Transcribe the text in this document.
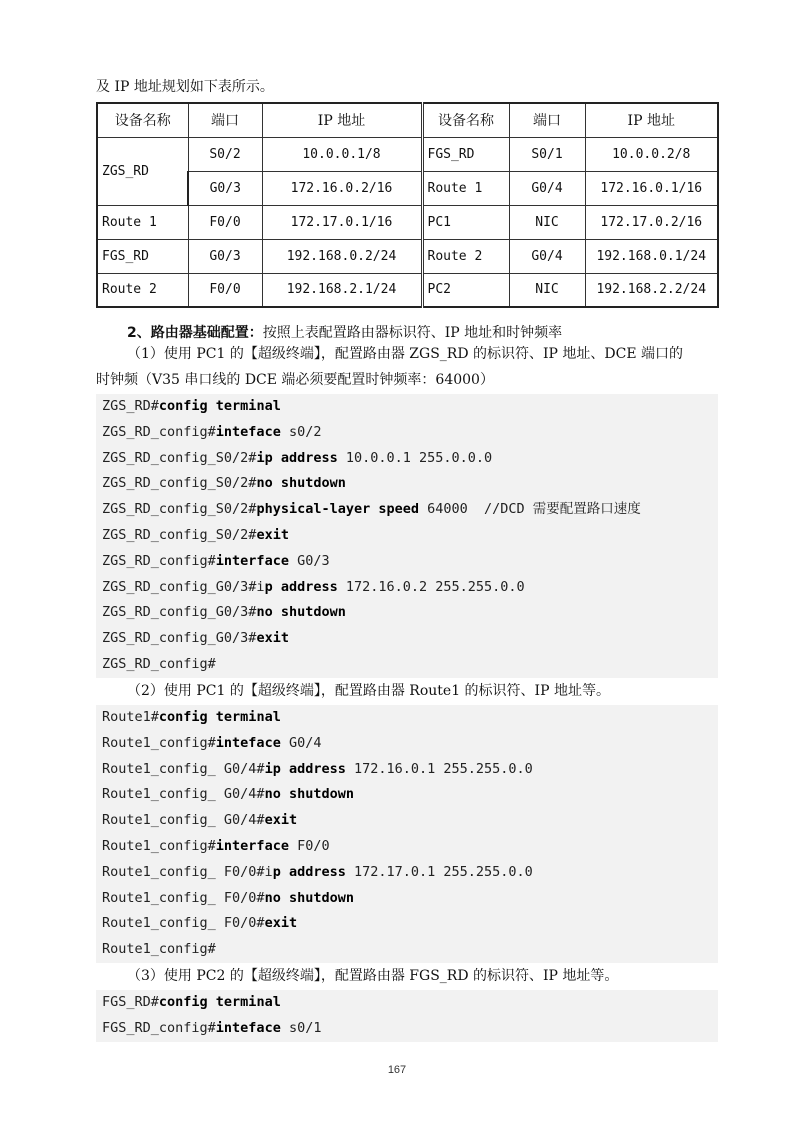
及 IP 地址规划如下表所示。
设备名称	端口	IP 地址	设备名称	端口	IP 地址
ZGS_RD	S0/2	10.0.0.1/8	FGS_RD	S0/1	10.0.0.2/8
	G0/3	172.16.0.2/16	Route 1	G0/4	172.16.0.1/16
Route 1	F0/0	172.17.0.1/16	PC1	NIC	172.17.0.2/16
FGS_RD	G0/3	192.168.0.2/24	Route 2	G0/4	192.168.0.1/24
Route 2	F0/0	192.168.2.1/24	PC2	NIC	192.168.2.2/24
2、路由器基础配置：按照上表配置路由器标识符、IP 地址和时钟频率
（1）使用 PC1 的【超级终端】，配置路由器 ZGS_RD 的标识符、IP 地址、DCE 端口的
时钟频（V35 串口线的 DCE 端必须要配置时钟频率：64000）
ZGS_RD#config terminal
ZGS_RD_config#inteface s0/2
ZGS_RD_config_S0/2#ip address 10.0.0.1 255.0.0.0
ZGS_RD_config_S0/2#no shutdown
ZGS_RD_config_S0/2#physical-layer speed 64000  //DCD 需要配置路口速度
ZGS_RD_config_S0/2#exit
ZGS_RD_config#interface G0/3
ZGS_RD_config_G0/3#ip address 172.16.0.2 255.255.0.0
ZGS_RD_config_G0/3#no shutdown
ZGS_RD_config_G0/3#exit
ZGS_RD_config#
（2）使用 PC1 的【超级终端】，配置路由器 Route1 的标识符、IP 地址等。
Route1#config terminal
Route1_config#inteface G0/4
Route1_config_ G0/4#ip address 172.16.0.1 255.255.0.0
Route1_config_ G0/4#no shutdown
Route1_config_ G0/4#exit
Route1_config#interface F0/0
Route1_config_ F0/0#ip address 172.17.0.1 255.255.0.0
Route1_config_ F0/0#no shutdown
Route1_config_ F0/0#exit
Route1_config#
（3）使用 PC2 的【超级终端】，配置路由器 FGS_RD 的标识符、IP 地址等。
FGS_RD#config terminal
FGS_RD_config#inteface s0/1
167
